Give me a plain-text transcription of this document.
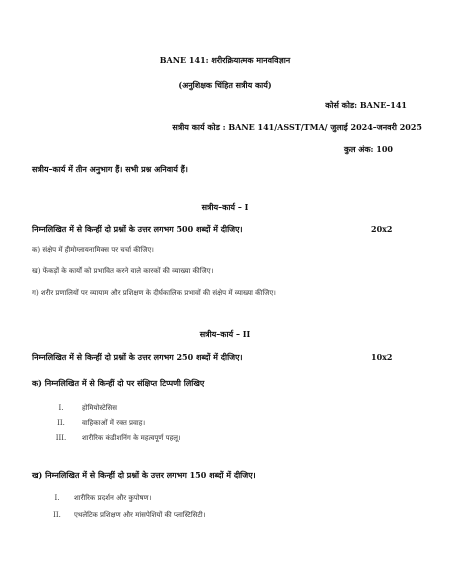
BANE 141: शरीरक्रियात्मक मानवविज्ञान
(अनुशिक्षक चिंहित सत्रीय कार्य)
कोर्स कोड: BANE–141
सत्रीय कार्य कोड : BANE 141/ASST/TMA/ जुलाई 2024–जनवरी 2025
कुल अंक: 100
सत्रीय–कार्य में तीन अनुभाग हैं। सभी प्रश्न अनिवार्य हैं।
सत्रीय–कार्य – I
निम्नलिखित में से किन्हीं दो प्रश्नों के उत्तर लगभग 500 शब्दों में दीजिए।	20x2
क) संक्षेप में हीमोग्लायनामिक्स पर चर्चा कीजिए।
ख) फेंकड़ों के कार्यों को प्रभावित करने वाले कारकों की व्याख्या कीजिए।
ग) शरीर प्रणालियों पर व्यायाम और प्रशिक्षण के दीर्घकालिक प्रभावों की संक्षेप में व्याख्या कीजिए।
सत्रीय–कार्य – II
निम्नलिखित में से किन्हीं दो प्रश्नों के उत्तर लगभग 250 शब्दों में दीजिए।	10x2
क) निम्नलिखित में से किन्हीं दो पर संक्षिप्त टिप्पणी लिखिए
I.	होमियोस्टेसिस
II.	वाहिकाओं में रक्त प्रवाह।
III.	शारीरिक कंडीशनिंग के महत्वपूर्ण पहलू।
ख) निम्नलिखित में से किन्हीं दो प्रश्नों के उत्तर लगभग 150 शब्दों में दीजिए।
I.	शारीरिक प्रदर्शन और कुपोषण।
II.	एथलेटिक प्रशिक्षण और मांसपेशियों की प्लास्टिसिटी।
